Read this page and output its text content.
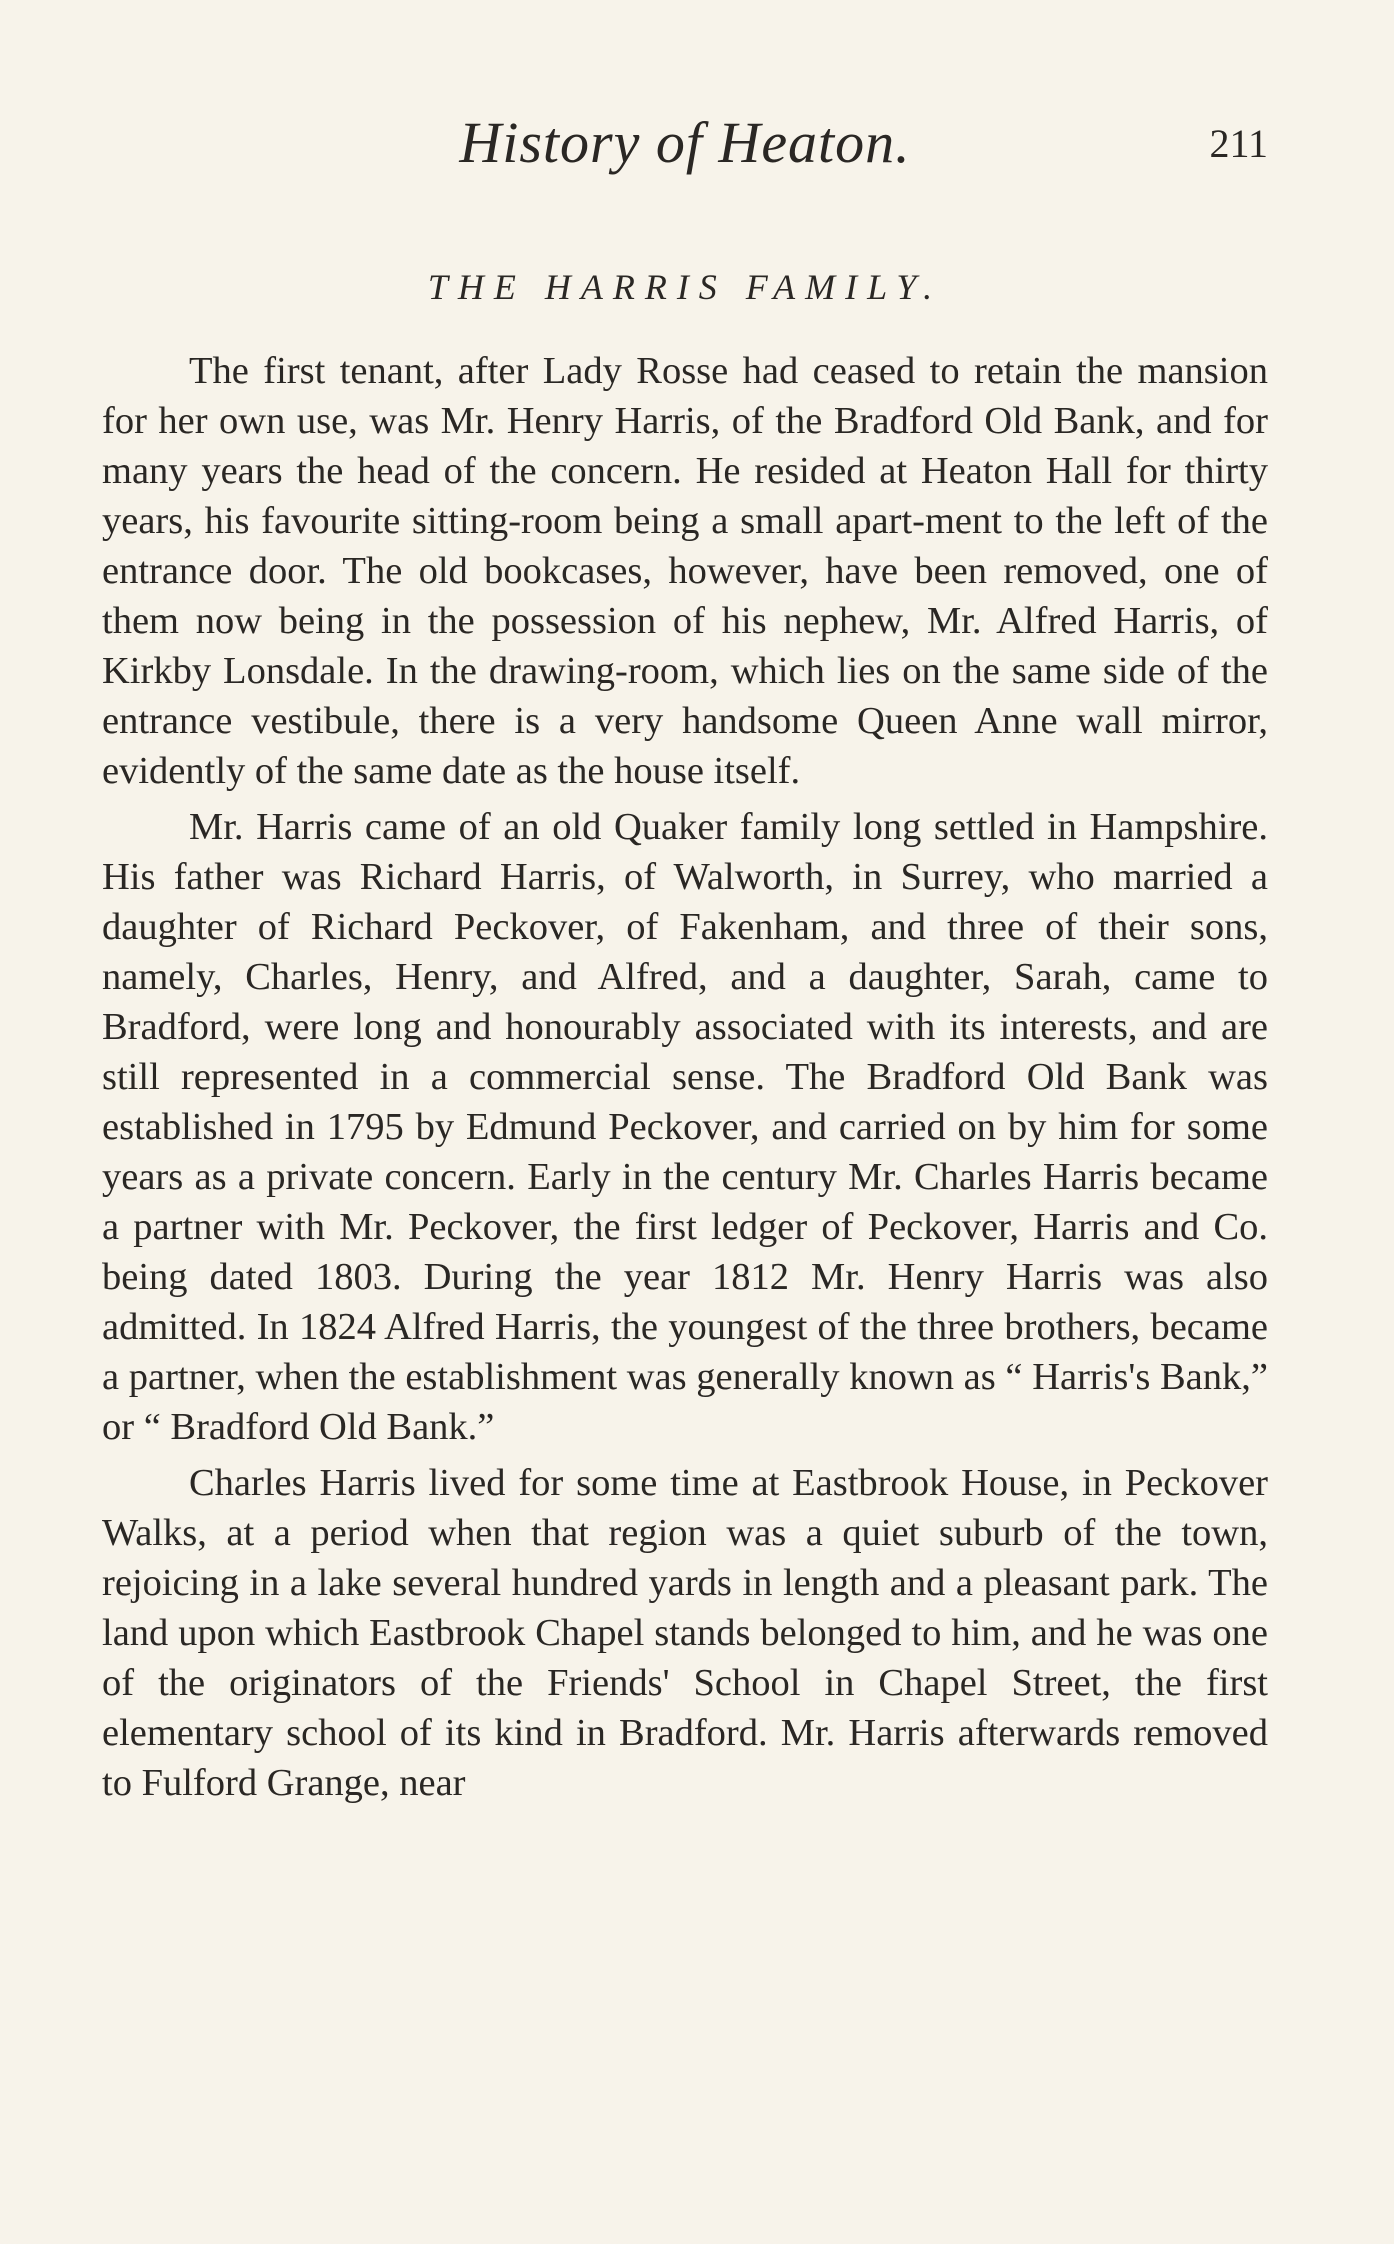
History of Heaton.	211
THE HARRIS FAMILY.

The first tenant, after Lady Rosse had ceased to retain the mansion for her own use, was Mr. Henry Harris, of the Bradford Old Bank, and for many years the head of the concern. He resided at Heaton Hall for thirty years, his favourite sitting-room being a small apart-ment to the left of the entrance door. The old bookcases, however, have been removed, one of them now being in the possession of his nephew, Mr. Alfred Harris, of Kirkby Lonsdale. In the drawing-room, which lies on the same side of the entrance vestibule, there is a very handsome Queen Anne wall mirror, evidently of the same date as the house itself.

Mr. Harris came of an old Quaker family long settled in Hampshire. His father was Richard Harris, of Walworth, in Surrey, who married a daughter of Richard Peckover, of Fakenham, and three of their sons, namely, Charles, Henry, and Alfred, and a daughter, Sarah, came to Bradford, were long and honourably associated with its interests, and are still represented in a commercial sense. The Bradford Old Bank was established in 1795 by Edmund Peckover, and carried on by him for some years as a private concern. Early in the century Mr. Charles Harris became a partner with Mr. Peckover, the first ledger of Peckover, Harris and Co. being dated 1803. During the year 1812 Mr. Henry Harris was also admitted. In 1824 Alfred Harris, the youngest of the three brothers, became a partner, when the establishment was generally known as “ Harris's Bank,” or “ Bradford Old Bank.”

Charles Harris lived for some time at Eastbrook House, in Peckover Walks, at a period when that region was a quiet suburb of the town, rejoicing in a lake several hundred yards in length and a pleasant park. The land upon which Eastbrook Chapel stands belonged to him, and he was one of the originators of the Friends' School in Chapel Street, the first elementary school of its kind in Bradford. Mr. Harris afterwards removed to Fulford Grange, near
